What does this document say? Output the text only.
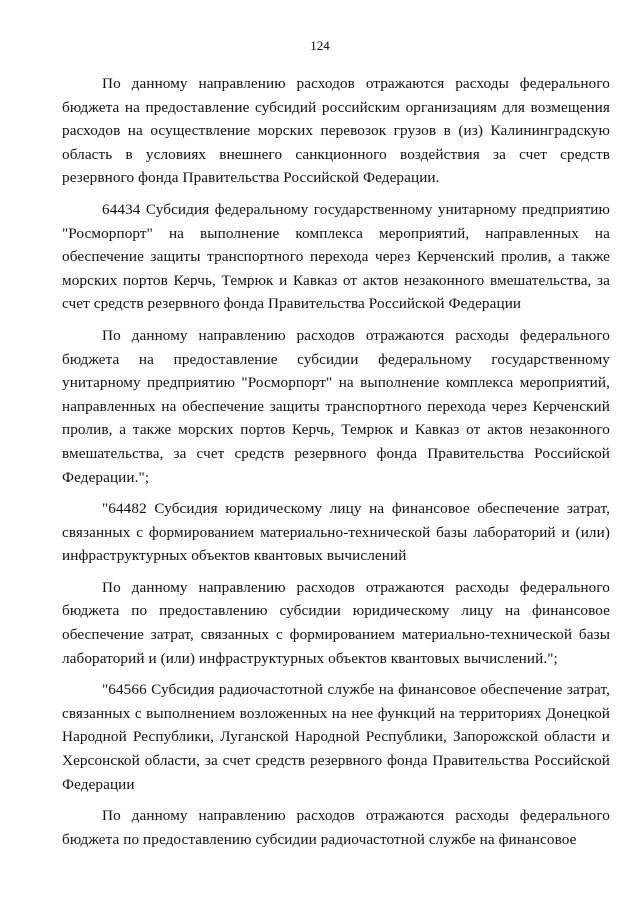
124

По данному направлению расходов отражаются расходы федерального бюджета на предоставление субсидий российским организациям для возмещения расходов на осуществление морских перевозок грузов в (из) Калининградскую область в условиях внешнего санкционного воздействия за счет средств резервного фонда Правительства Российской Федерации.

64434 Субсидия федеральному государственному унитарному предприятию "Росморпорт" на выполнение комплекса мероприятий, направленных на обеспечение защиты транспортного перехода через Керченский пролив, а также морских портов Керчь, Темрюк и Кавказ от актов незаконного вмешательства, за счет средств резервного фонда Правительства Российской Федерации

По данному направлению расходов отражаются расходы федерального бюджета на предоставление субсидии федеральному государственному унитарному предприятию "Росморпорт" на выполнение комплекса мероприятий, направленных на обеспечение защиты транспортного перехода через Керченский пролив, а также морских портов Керчь, Темрюк и Кавказ от актов незаконного вмешательства, за счет средств резервного фонда Правительства Российской Федерации.";

"64482 Субсидия юридическому лицу на финансовое обеспечение затрат, связанных с формированием материально-технической базы лабораторий и (или) инфраструктурных объектов квантовых вычислений

По данному направлению расходов отражаются расходы федерального бюджета по предоставлению субсидии юридическому лицу на финансовое обеспечение затрат, связанных с формированием материально-технической базы лабораторий и (или) инфраструктурных объектов квантовых вычислений.";

"64566 Субсидия радиочастотной службе на финансовое обеспечение затрат, связанных с выполнением возложенных на нее функций на территориях Донецкой Народной Республики, Луганской Народной Республики, Запорожской области и Херсонской области, за счет средств резервного фонда Правительства Российской Федерации

По данному направлению расходов отражаются расходы федерального бюджета по предоставлению субсидии радиочастотной службе на финансовое
